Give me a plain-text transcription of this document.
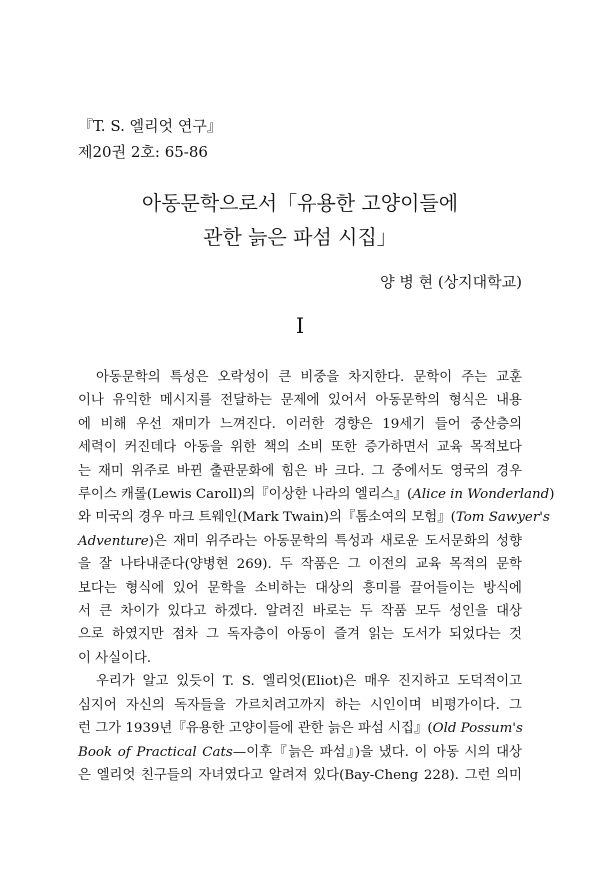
『T. S. 엘리엇 연구』
제20권 2호: 65-86
아동문학으로서「유용한 고양이들에
관한 늙은 파섬 시집」
양 병 현 (상지대학교)
I
아동문학의 특성은 오락성이 큰 비중을 차지한다. 문학이 주는 교훈
이나 유익한 메시지를 전달하는 문제에 있어서 아동문학의 형식은 내용
에 비해 우선 재미가 느껴진다. 이러한 경향은 19세기 들어 중산층의
세력이 커진데다 아동을 위한 책의 소비 또한 증가하면서 교육 목적보다
는 재미 위주로 바뀐 출판문화에 힘은 바 크다. 그 중에서도 영국의 경우
루이스 캐롤(Lewis Caroll)의『이상한 나라의 엘리스』(Alice in Wonderland)
와 미국의 경우 마크 트웨인(Mark Twain)의『톰소여의 모험』(Tom Sawyer's
Adventure)은 재미 위주라는 아동문학의 특성과 새로운 도서문화의 성향
을 잘 나타내준다(양병현 269). 두 작품은 그 이전의 교육 목적의 문학
보다는 형식에 있어 문학을 소비하는 대상의 흥미를 끌어들이는 방식에
서 큰 차이가 있다고 하겠다. 알려진 바로는 두 작품 모두 성인을 대상
으로 하였지만 점차 그 독자층이 아동이 즐겨 읽는 도서가 되었다는 것
이 사실이다.
우리가 알고 있듯이 T. S. 엘리엇(Eliot)은 매우 진지하고 도덕적이고
심지어 자신의 독자들을 가르치려고까지 하는 시인이며 비평가이다. 그
런 그가 1939년『유용한 고양이들에 관한 늙은 파섬 시집』(Old Possum's
Book of Practical Cats—이후『늙은 파섬』)을 냈다. 이 아동 시의 대상
은 엘리엇 친구들의 자녀였다고 알려져 있다(Bay-Cheng 228). 그런 의미
